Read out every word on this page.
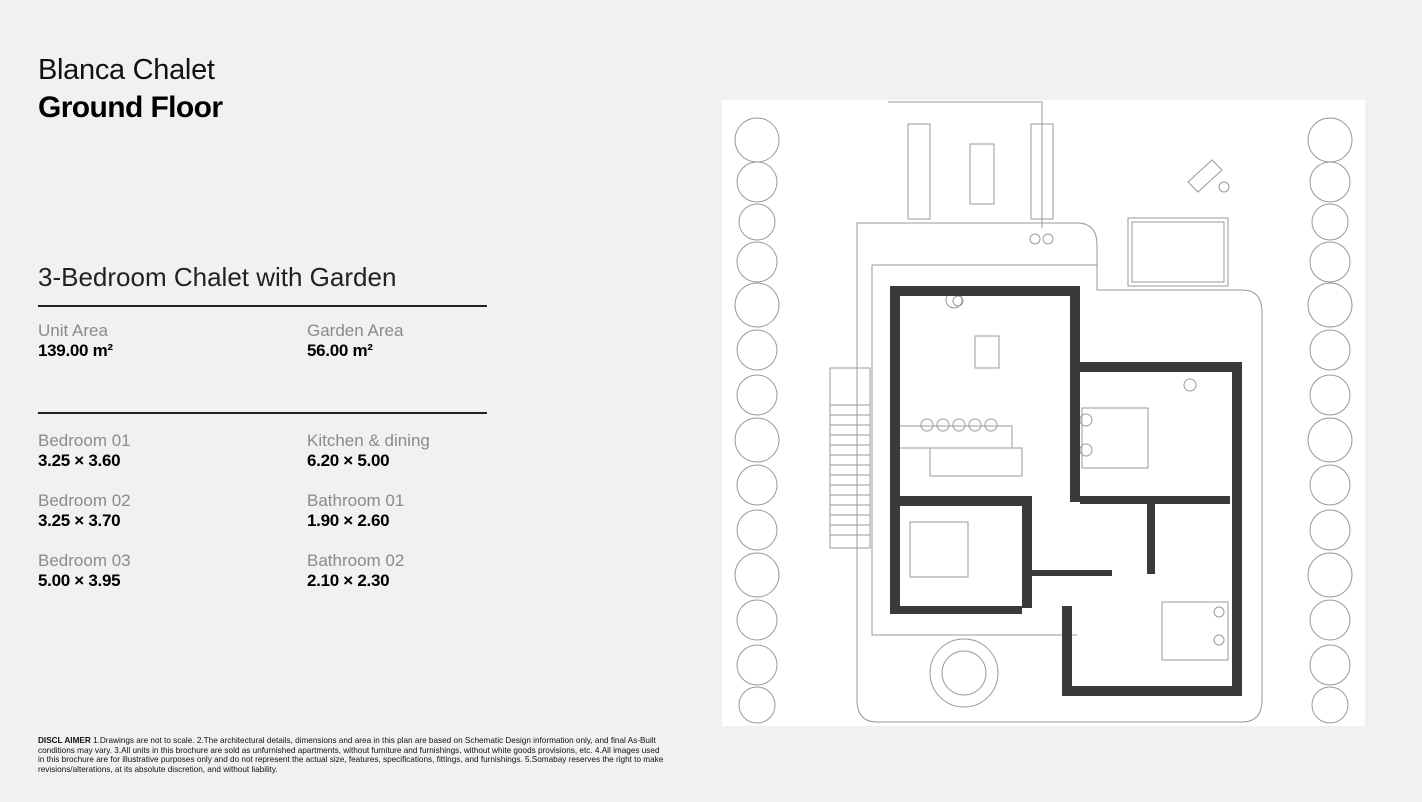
Blanca Chalet
Ground Floor
3-Bedroom Chalet with Garden
Unit Area
139.00 m²
Garden Area
56.00 m²
Bedroom 01
3.25 × 3.60
Kitchen & dining
6.20 × 5.00
Bedroom 02
3.25 × 3.70
Bathroom 01
1.90 × 2.60
Bedroom 03
5.00 × 3.95
Bathroom 02
2.10 × 2.30
DISCL AIMER 1.Drawings are not to scale. 2.The architectural details, dimensions and area in this plan are based on Schematic Design information only, and final As-Built conditions may vary. 3.All units in this brochure are sold as unfurnished apartments, without furniture and furnishings, without white goods provisions, etc. 4.All images used in this brochure are for illustrative purposes only and do not represent the actual size, features, specifications, fittings, and furnishings. 5.Somabay reserves the right to make revisions/alterations, at its absolute discretion, and without liability.
